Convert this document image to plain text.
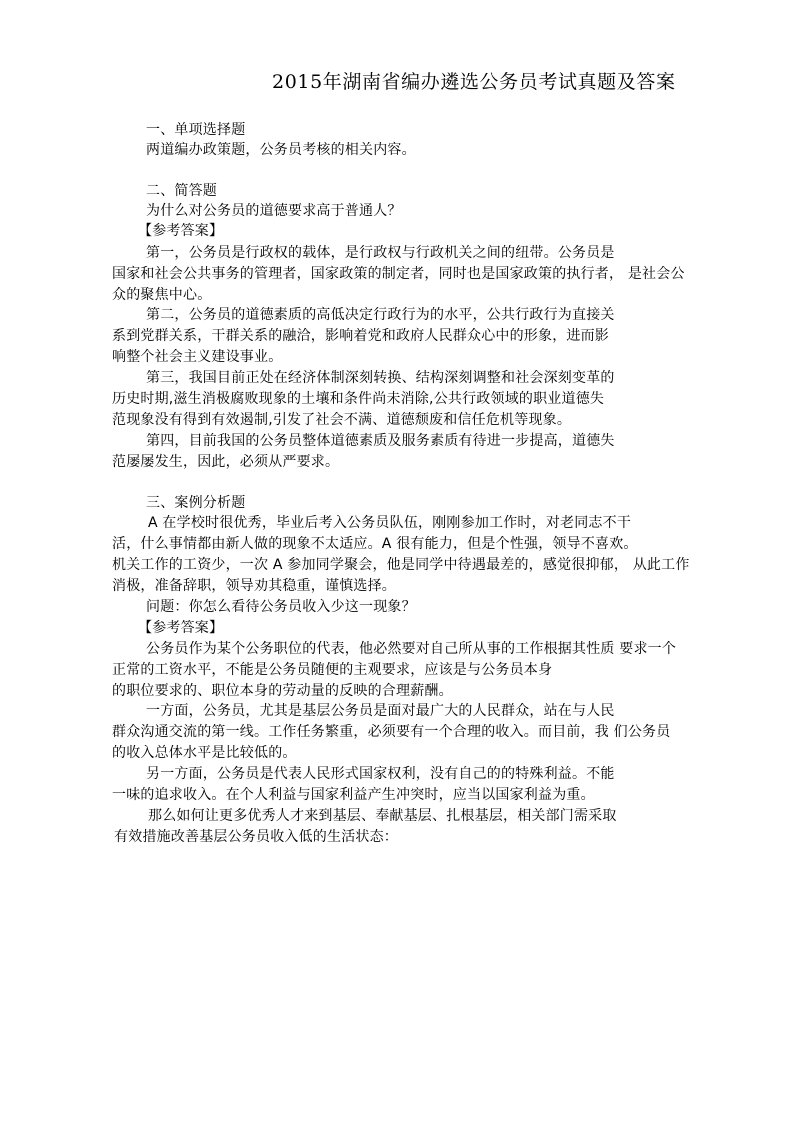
2015年湖南省编办遴选公务员考试真题及答案
一、单项选择题
两道编办政策题，公务员考核的相关内容。
二、简答题
为什么对公务员的道德要求高于普通人？
【参考答案】
第一，公务员是行政权的载体，是行政权与行政机关之间的纽带。公务员是
国家和社会公共事务的管理者，国家政策的制定者，同时也是国家政策的执行者， 是社会公
众的聚焦中心。
第二，公务员的道德素质的高低决定行政行为的水平，公共行政行为直接关
系到党群关系，干群关系的融洽，影响着党和政府人民群众心中的形象，进而影
响整个社会主义建设事业。
第三，我国目前正处在经济体制深刻转换、结构深刻调整和社会深刻变革的
历史时期,滋生消极腐败现象的土壤和条件尚未消除,公共行政领域的职业道德失
范现象没有得到有效遏制,引发了社会不满、道德颓废和信任危机等现象。
第四，目前我国的公务员整体道德素质及服务素质有待进一步提高，道德失
范屡屡发生，因此，必须从严要求。
三、案例分析题
A 在学校时很优秀，毕业后考入公务员队伍，刚刚参加工作时，对老同志不干
活，什么事情都由新人做的现象不太适应。A 很有能力，但是个性强，领导不喜欢。
机关工作的工资少，一次 A 参加同学聚会，他是同学中待遇最差的，感觉很抑郁， 从此工作
消极，准备辞职，领导劝其稳重，谨慎选择。
问题：你怎么看待公务员收入少这一现象？
【参考答案】
公务员作为某个公务职位的代表，他必然要对自己所从事的工作根据其性质 要求一个
正常的工资水平，不能是公务员随便的主观要求，应该是与公务员本身
的职位要求的、职位本身的劳动量的反映的合理薪酬。
一方面，公务员，尤其是基层公务员是面对最广大的人民群众，站在与人民
群众沟通交流的第一线。工作任务繁重，必须要有一个合理的收入。而目前，我 们公务员
的收入总体水平是比较低的。
另一方面，公务员是代表人民形式国家权利，没有自己的的特殊利益。不能
一味的追求收入。在个人利益与国家利益产生冲突时，应当以国家利益为重。
那么如何让更多优秀人才来到基层、奉献基层、扎根基层，相关部门需采取
有效措施改善基层公务员收入低的生活状态：
